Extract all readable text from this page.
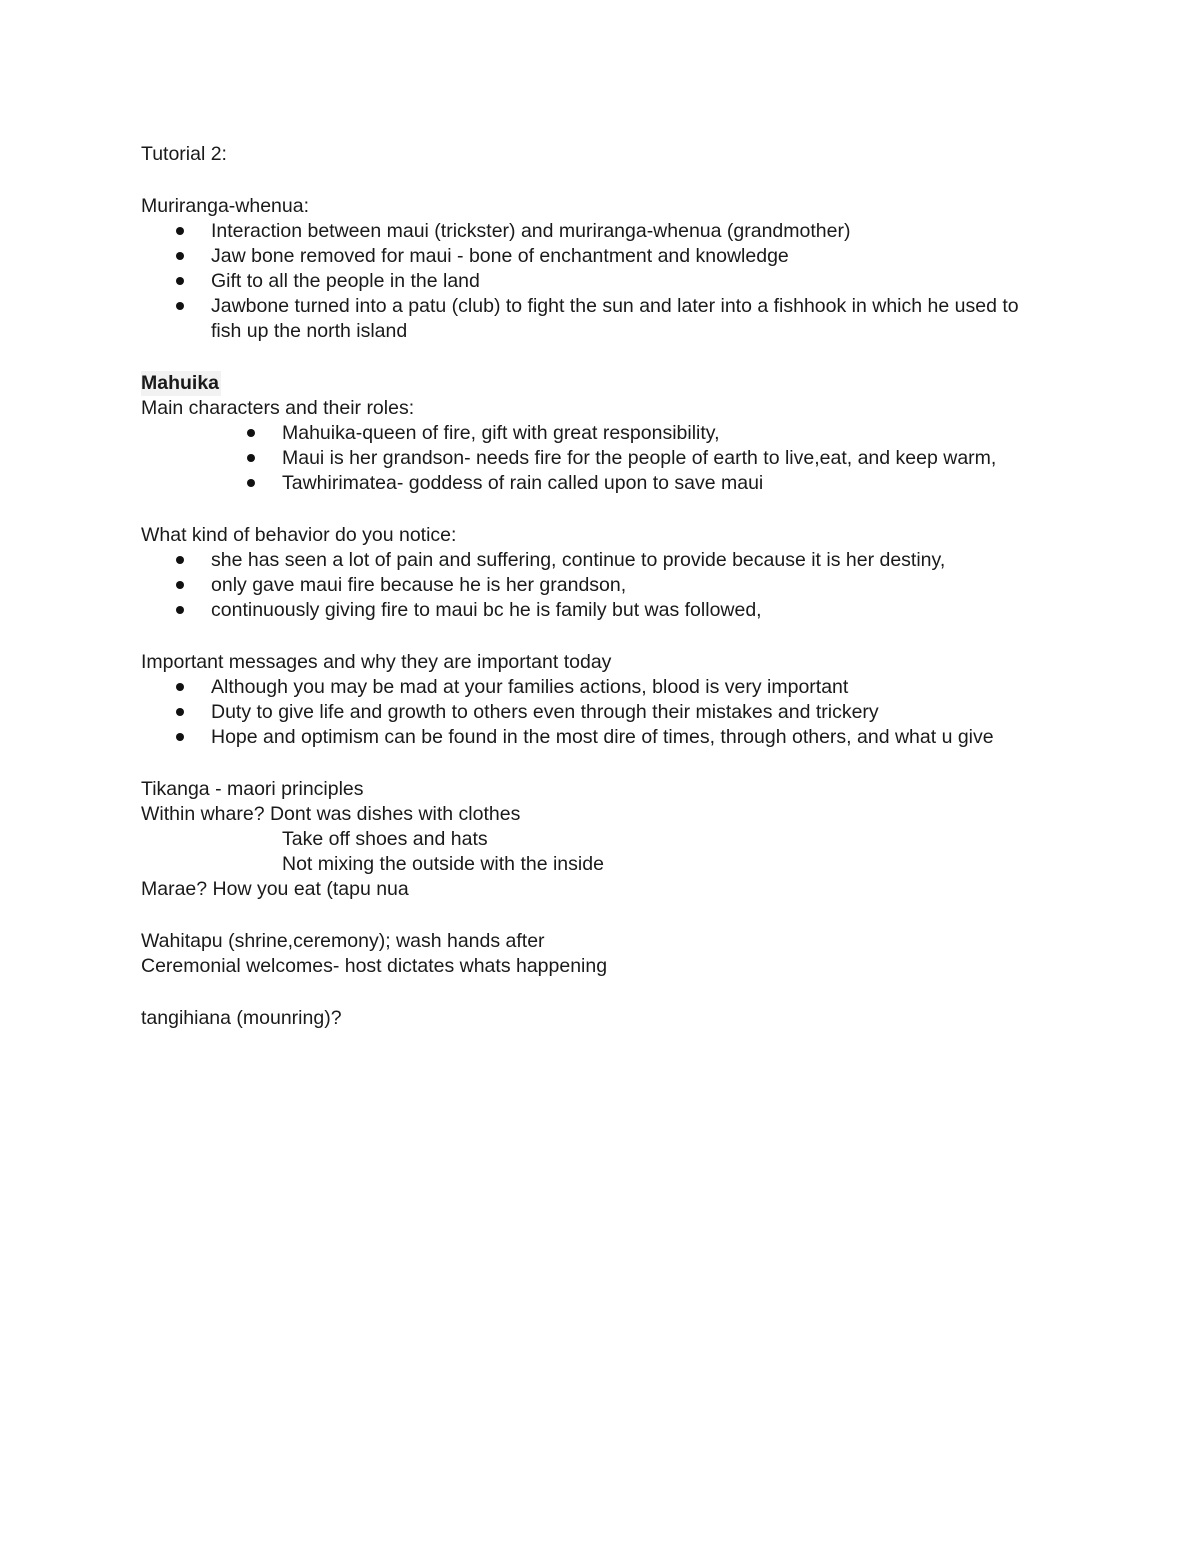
Tutorial 2:
Muriranga-whenua:
Interaction between maui (trickster) and muriranga-whenua (grandmother)
Jaw bone removed for maui - bone of enchantment and knowledge
Gift to all the people in the land
Jawbone turned into a patu (club) to fight the sun and later into a fishhook in which he used to fish up the north island
Mahuika
Main characters and their roles:
Mahuika-queen of fire, gift with great responsibility,
Maui is her grandson- needs fire for the people of earth to live,eat, and keep warm,
Tawhirimatea- goddess of rain called upon to save maui
What kind of behavior do you notice:
she has seen a lot of pain and suffering, continue to provide because it is her destiny,
only gave maui fire because he is her grandson,
continuously giving fire to maui bc he is family but was followed,
Important messages and why they are important today
Although you may be mad at your families actions, blood is very important
Duty to give life and growth to others even through their mistakes and trickery
Hope and optimism can be found in the most dire of times, through others, and what u give
Tikanga - maori principles
Within whare? Dont was dishes with clothes
Take off shoes and hats
Not mixing the outside with the inside
Marae? How you eat (tapu nua
Wahitapu (shrine,ceremony); wash hands after
Ceremonial welcomes- host dictates whats happening
tangihiana (mounring)?
